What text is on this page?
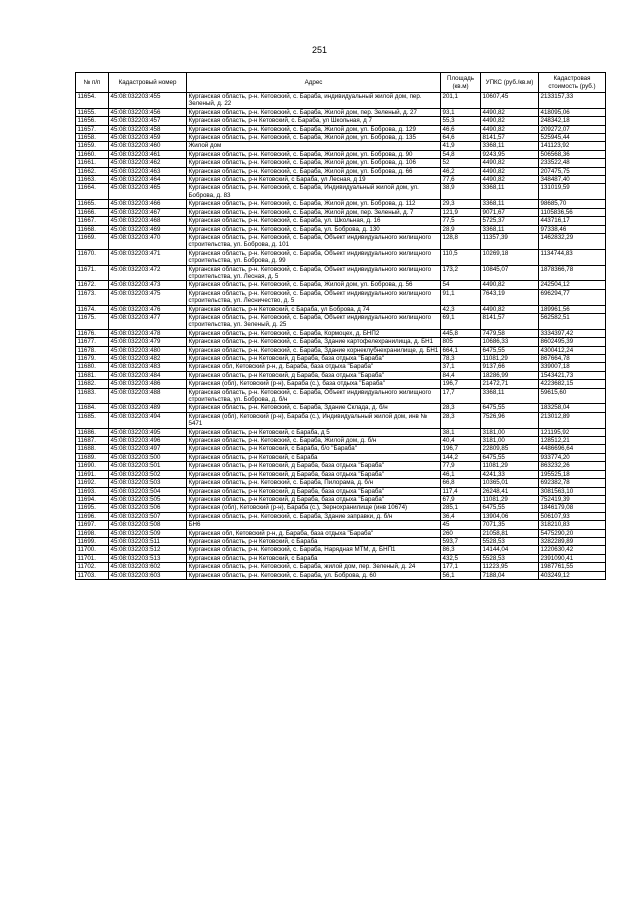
251
№ п/п	Кадастровый номер	Адрес	Площадь (кв.м)	УПКС (руб./кв.м)	Кадастровая стоимость (руб.)
11654.	45:08:032203:455	Курганская область, р-н. Кетовский, с. Бараба, индивидуальный жилой дом, пер. Зеленый, д. 22	201,1	10607,45	2133157,33
11655.	45:08:032203:456	Курганская область, р-н. Кетовский, с. Бараба, Жилой дом, пер. Зеленый, д. 27	93,1	4490,82	418095,06
11656.	45:08:032203:457	Курганская область, р-н Кетовский, с. Бараба, ул Школьная, д 7	55,3	4490,82	248342,18
11657.	45:08:032203:458	Курганская область, р-н. Кетовский, с. Бараба, Жилой дом, ул. Боброва, д. 129	46,6	4490,82	209272,07
11658.	45:08:032203:459	Курганская область, р-н. Кетовский, с. Бараба, Жилой дом, ул. Боброва, д. 135	64,6	8141,57	525945,44
11659.	45:08:032203:460	Жилой дом	41,9	3368,11	141123,92
11660.	45:08:032203:461	Курганская область, р-н. Кетовский, с. Бараба, Жилой дом, ул. Боброва, д. 90	54,8	9243,95	506568,36
11661.	45:08:032203:462	Курганская область, р-н. Кетовский, с. Бараба, Жилой дом, ул. Боброва, д. 106	52	4490,82	233522,48
11662.	45:08:032203:463	Курганская область, р-н. Кетовский, с. Бараба, Жилой дом, ул. Боброва, д. 66	46,2	4490,82	207475,75
11663.	45:08:032203:464	Курганская область, р-н Кетовский, с Бараба, ул Лесная, д 19	77,6	4490,82	348487,40
11664.	45:08:032203:465	Курганская область, р-н. Кетовский, с. Бараба, Индивидуальный жилой дом, ул. Боброва, д. 83	38,9	3368,11	131019,59
11665.	45:08:032203:466	Курганская область, р-н. Кетовский, с. Бараба, Жилой дом, ул. Боброва, д. 112	29,3	3368,11	98685,70
11666.	45:08:032203:467	Курганская область, р-н. Кетовский, с. Бараба, Жилой дом, пер. Зеленый, д. 7	121,9	9071,67	1105836,56
11667.	45:08:032203:468	Курганская область, р-н. Кетовский, с. Бараба, ул. Школьная, д. 16	77,5	5725,37	443716,17
11668.	45:08:032203:469	Курганская область, р-н. Кетовский, с. Бараба, ул. Боброва, д. 130	28,9	3368,11	97338,46
11669.	45:08:032203:470	Курганская область, р-н. Кетовский, с. Бараба, Объект индивидуального жилищного строительства, ул. Боброва, д. 101	128,8	11357,39	1462832,29
11670.	45:08:032203:471	Курганская область, р-н. Кетовский, с. Бараба, Объект индивидуального жилищного строительства, ул. Боброва, д. 99	110,5	10269,18	1134744,83
11671.	45:08:032203:472	Курганская область, р-н. Кетовский, с. Бараба, Объект индивидуального жилищного строительства, ул. Лесная, д. 5	173,2	10845,07	1878366,78
11672.	45:08:032203:473	Курганская область, р-н. Кетовский, с. Бараба, Жилой дом, ул. Боброва, д. 56	54	4490,82	242504,12
11673.	45:08:032203:475	Курганская область, р-н. Кетовский, с. Бараба, Объект индивидуального жилищного строительства, ул. Лесничество, д. 5	91,1	7643,19	696294,77
11674.	45:08:032203:476	Курганская область, р-н Кетовский, с Бараба, ул Боброва, д 74	42,3	4490,82	189961,56
11675.	45:08:032203:477	Курганская область, р-н. Кетовский, с. Бараба, Объект индивидуального жилищного строительства, ул. Зеленый, д. 25	69,1	8141,57	562582,51
11676.	45:08:032203:478	Курганская область, р-н. Кетовский, с. Бараба, Кормоцех, д. БНП2	445,8	7479,58	3334397,42
11677.	45:08:032203:479	Курганская область, р-н. Кетовский, с. Бараба, Здание картофелехранилища, д. БН1	805	10686,33	8602495,39
11678.	45:08:032203:480	Курганская область, р-н. Кетовский, с. Бараба, Здание корнеклубнехранилище, д. БН1	664,1	6475,55	4300412,24
11679.	45:08:032203:482	Курганская область, р-н Кетовский, д Бараба, база отдыха "Бараба"	78,3	11081,29	867664,78
11680.	45:08:032203:483	Курганская обл, Кетовский р-н, д. Бараба, база отдыха "Бараба"	37,1	9137,66	339007,18
11681.	45:08:032203:484	Курганская область, р-н Кетовский, д Бараба, база отдыха "Бараба"	84,4	18286,99	1543421,73
11682.	45:08:032203:486	Курганская (обл), Кетовский (р-н), Бараба (с.), база отдыха "Бараба"	196,7	21472,71	4223682,15
11683.	45:08:032203:488	Курганская область, р-н. Кетовский, с. Бараба, Объект индивидуального жилищного строительства, ул. Боброва, д. б/н	17,7	3368,11	59615,60
11684.	45:08:032203:489	Курганская область, р-н. Кетовский, с. Бараба, Здание Склада, д. б/н	28,3	6475,55	183258,04
11685.	45:08:032203:494	Курганская (обл), Кетовский (р-н), Бараба (с.), Индивидуальный жилой дом, инв № 5471	28,3	7526,96	213012,89
11686.	45:08:032203:495	Курганская область, р-н Кетовский, с Бараба, д 5	38,1	3181,00	121195,92
11687.	45:08:032203:496	Курганская область, р-н. Кетовский, с. Бараба, Жилой дом, д. б/н	40,4	3181,00	128512,21
11688.	45:08:032203:497	Курганская область, р-н Кетовский, с Бараба, б/о "Бараба"	196,7	22809,85	4486696,64
11689.	45:08:032203:500	Курганская область, р-н Кетовский, с Бараба	144,2	6475,55	933774,20
11690.	45:08:032203:501	Курганская область, р-н Кетовский, д Бараба, база отдыха "Бараба"	77,9	11081,29	863232,26
11691.	45:08:032203:502	Курганская область, р-н Кетовский, д Бараба, база отдыха "Бараба"	46,1	4241,33	195525,18
11692.	45:08:032203:503	Курганская область, р-н. Кетовский, с. Бараба, Пилорама, д. б/н	66,8	10365,01	692382,78
11693.	45:08:032203:504	Курганская область, р-н Кетовский, д Бараба, база отдыха "Бараба"	117,4	26248,41	3081563,10
11694.	45:08:032203:505	Курганская область, р-н Кетовский, д Бараба, база отдыха "Бараба"	67,9	11081,29	752419,39
11695.	45:08:032203:506	Курганская (обл), Кетовский (р-н), Бараба (с.), Зернохранилище (инв 10674)	285,1	6475,55	1846179,08
11696.	45:08:032203:507	Курганская область, р-н. Кетовский, с. Бараба, Здание заправки, д. б/н	36,4	13904,06	506107,93
11697.	45:08:032203:508	БН6	45	7071,35	318210,83
11698.	45:08:032203:509	Курганская обл, Кетовский р-н, д. Бараба, база отдыха "Бараба"	260	21058,81	5475290,20
11699.	45:08:032203:511	Курганская область, р-н Кетовский, с Бараба	593,7	5528,53	3282289,89
11700.	45:08:032203:512	Курганская область, р-н. Кетовский, с. Бараба, Нарядная МТМ, д. БНП1	86,3	14144,04	1220630,42
11701.	45:08:032203:513	Курганская область, р-н Кетовский, с Бараба	432,5	5528,53	2391090,41
11702.	45:08:032203:602	Курганская область, р-н. Кетовский, с. Бараба, жилой дом, пер. Зеленый, д. 24	177,1	11223,95	1987761,55
11703.	45:08:032203:603	Курганская область, р-н. Кетовский, с. Бараба, ул. Боброва, д. 60	56,1	7188,04	403249,12
